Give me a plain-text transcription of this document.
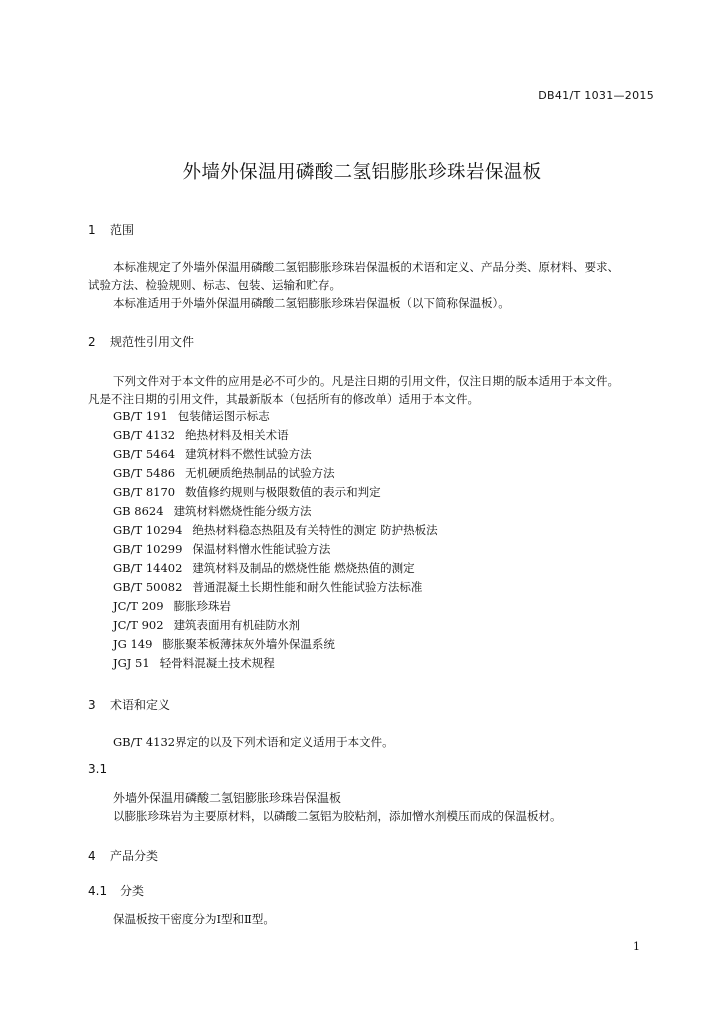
DB41/T 1031—2015
外墙外保温用磷酸二氢铝膨胀珍珠岩保温板
1 范围
本标准规定了外墙外保温用磷酸二氢铝膨胀珍珠岩保温板的术语和定义、产品分类、原材料、要求、
试验方法、检验规则、标志、包装、运输和贮存。
本标准适用于外墙外保温用磷酸二氢铝膨胀珍珠岩保温板（以下简称保温板）。
2 规范性引用文件
下列文件对于本文件的应用是必不可少的。凡是注日期的引用文件，仅注日期的版本适用于本文件。
凡是不注日期的引用文件，其最新版本（包括所有的修改单）适用于本文件。
GB/T 191 包装储运图示标志
GB/T 4132 绝热材料及相关术语
GB/T 5464 建筑材料不燃性试验方法
GB/T 5486 无机硬质绝热制品的试验方法
GB/T 8170 数值修约规则与极限数值的表示和判定
GB 8624 建筑材料燃烧性能分级方法
GB/T 10294 绝热材料稳态热阻及有关特性的测定 防护热板法
GB/T 10299 保温材料憎水性能试验方法
GB/T 14402 建筑材料及制品的燃烧性能 燃烧热值的测定
GB/T 50082 普通混凝土长期性能和耐久性能试验方法标准
JC/T 209 膨胀珍珠岩
JC/T 902 建筑表面用有机硅防水剂
JG 149 膨胀聚苯板薄抹灰外墙外保温系统
JGJ 51 轻骨料混凝土技术规程
3 术语和定义
GB/T 4132界定的以及下列术语和定义适用于本文件。
3.1
外墙外保温用磷酸二氢铝膨胀珍珠岩保温板
以膨胀珍珠岩为主要原材料，以磷酸二氢铝为胶粘剂，添加憎水剂模压而成的保温板材。
4 产品分类
4.1 分类
保温板按干密度分为Ⅰ型和Ⅱ型。
1
